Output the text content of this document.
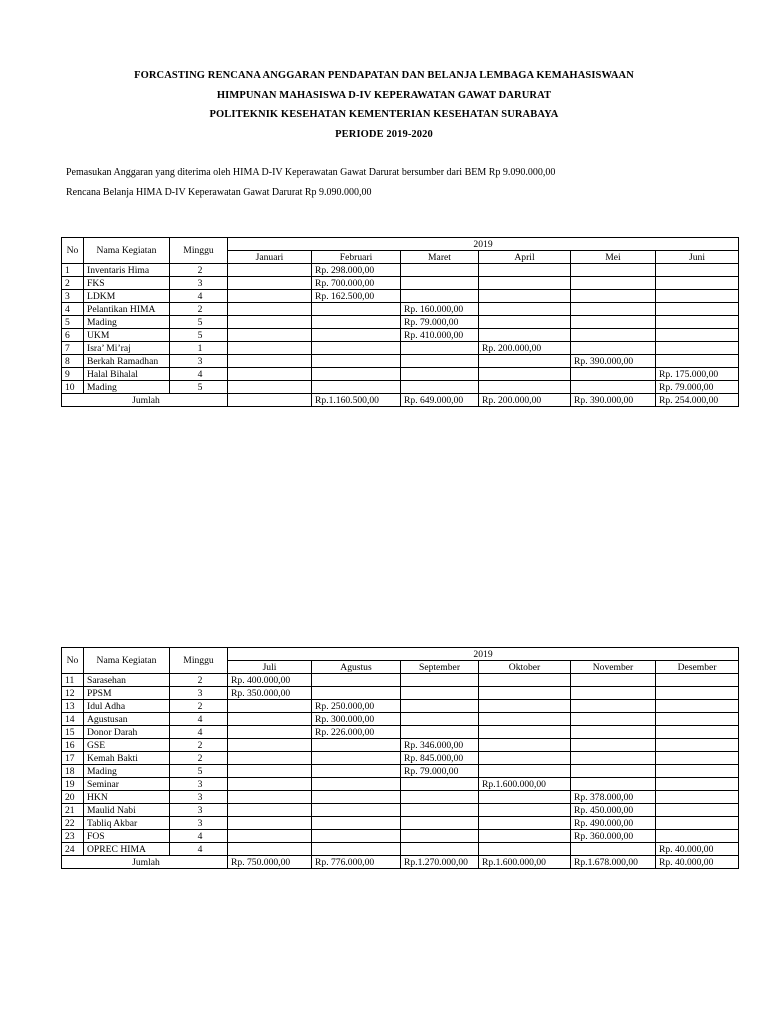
FORCASTING RENCANA ANGGARAN PENDAPATAN DAN BELANJA LEMBAGA KEMAHASISWAAN
HIMPUNAN MAHASISWA D-IV KEPERAWATAN GAWAT DARURAT
POLITEKNIK KESEHATAN KEMENTERIAN KESEHATAN SURABAYA
PERIODE 2019-2020
Pemasukan Anggaran yang diterima oleh HIMA D-IV Keperawatan Gawat Darurat bersumber dari BEM Rp 9.090.000,00
Rencana Belanja HIMA D-IV Keperawatan Gawat Darurat Rp 9.090.000,00
No	Nama Kegiatan	Minggu	2019					
			Januari	Februari	Maret	April	Mei	Juni
1	Inventaris Hima	2		Rp. 298.000,00				
2	FKS	3		Rp. 700.000,00				
3	LDKM	4		Rp. 162.500,00				
4	Pelantikan HIMA	2			Rp. 160.000,00			
5	Mading	5			Rp. 79.000,00			
6	UKM	5			Rp. 410.000,00			
7	Isra’ Mi’raj	1				Rp. 200.000,00		
8	Berkah Ramadhan	3					Rp. 390.000,00	
9	Halal Bihalal	4						Rp. 175.000,00
10	Mading	5						Rp. 79.000,00
Jumlah				Rp.1.160.500,00	Rp. 649.000,00	Rp. 200.000,00	Rp. 390.000,00	Rp. 254.000,00
No	Nama Kegiatan	Minggu	2019					
			Juli	Agustus	September	Oktober	November	Desember
11	Sarasehan	2	Rp. 400.000,00					
12	PPSM	3	Rp. 350.000,00					
13	Idul Adha	2		Rp. 250.000,00				
14	Agustusan	4		Rp. 300.000,00				
15	Donor Darah	4		Rp. 226.000,00				
16	GSE	2			Rp. 346.000,00			
17	Kemah Bakti	2			Rp. 845.000,00			
18	Mading	5			Rp. 79.000,00			
19	Seminar	3				Rp.1.600.000,00		
20	HKN	3					Rp. 378.000,00	
21	Maulid Nabi	3					Rp. 450.000,00	
22	Tabliq Akbar	3					Rp. 490.000,00	
23	FOS	4					Rp. 360.000,00	
24	OPREC HIMA	4						Rp. 40.000,00
Jumlah			Rp. 750.000,00	Rp. 776.000,00	Rp.1.270.000,00	Rp.1.600.000,00	Rp.1.678.000,00	Rp. 40.000,00
